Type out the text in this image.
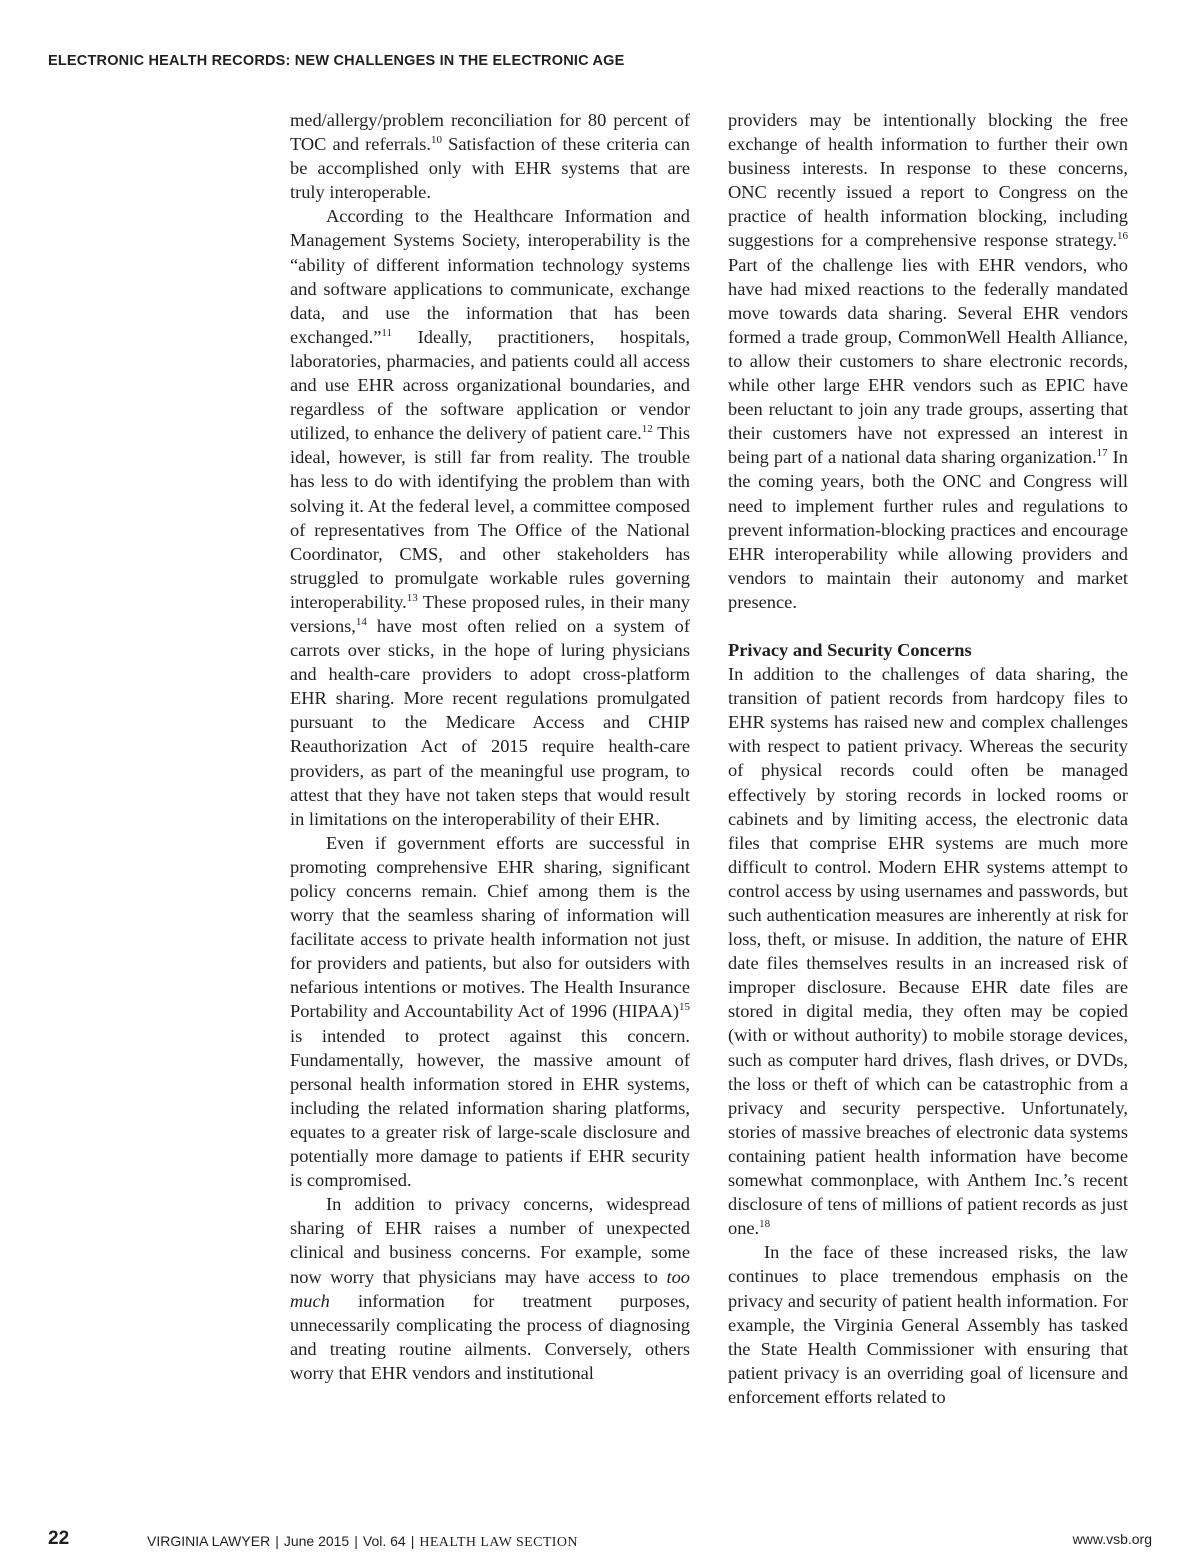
ELECTRONIC HEALTH RECORDS: NEW CHALLENGES IN THE ELECTRONIC AGE

med/allergy/problem reconciliation for 80 percent of TOC and referrals.$^{10}$ Satisfaction of these criteria can be accomplished only with EHR systems that are truly interoperable.

According to the Healthcare Information and Management Systems Society, interoperability is the “ability of different information technology systems and software applications to communicate, exchange data, and use the information that has been exchanged.”$^{11}$ Ideally, practitioners, hospitals, laboratories, pharmacies, and patients could all access and use EHR across organizational boundaries, and regardless of the software application or vendor utilized, to enhance the delivery of patient care.$^{12}$ This ideal, however, is still far from reality. The trouble has less to do with identifying the problem than with solving it. At the federal level, a committee composed of representatives from The Office of the National Coordinator, CMS, and other stakeholders has struggled to promulgate workable rules governing interoperability.$^{13}$ These proposed rules, in their many versions,$^{14}$ have most often relied on a system of carrots over sticks, in the hope of luring physicians and health-care providers to adopt cross-platform EHR sharing. More recent regulations promulgated pursuant to the Medicare Access and CHIP Reauthorization Act of 2015 require health-care providers, as part of the meaningful use program, to attest that they have not taken steps that would result in limitations on the interoperability of their EHR.

Even if government efforts are successful in promoting comprehensive EHR sharing, significant policy concerns remain. Chief among them is the worry that the seamless sharing of information will facilitate access to private health information not just for providers and patients, but also for outsiders with nefarious intentions or motives. The Health Insurance Portability and Accountability Act of 1996 (HIPAA)$^{15}$ is intended to protect against this concern. Fundamentally, however, the massive amount of personal health information stored in EHR systems, including the related information sharing platforms, equates to a greater risk of large-scale disclosure and potentially more damage to patients if EHR security is compromised.

In addition to privacy concerns, widespread sharing of EHR raises a number of unexpected clinical and business concerns. For example, some now worry that physicians may have access to too much information for treatment purposes, unnecessarily complicating the process of diagnosing and treating routine ailments. Conversely, others worry that EHR vendors and institutional

providers may be intentionally blocking the free exchange of health information to further their own business interests. In response to these concerns, ONC recently issued a report to Congress on the practice of health information blocking, including suggestions for a comprehensive response strategy.$^{16}$ Part of the challenge lies with EHR vendors, who have had mixed reactions to the federally mandated move towards data sharing. Several EHR vendors formed a trade group, CommonWell Health Alliance, to allow their customers to share electronic records, while other large EHR vendors such as EPIC have been reluctant to join any trade groups, asserting that their customers have not expressed an interest in being part of a national data sharing organization.$^{17}$ In the coming years, both the ONC and Congress will need to implement further rules and regulations to prevent information-blocking practices and encourage EHR interoperability while allowing providers and vendors to maintain their autonomy and market presence.

Privacy and Security Concerns

In addition to the challenges of data sharing, the transition of patient records from hardcopy files to EHR systems has raised new and complex challenges with respect to patient privacy. Whereas the security of physical records could often be managed effectively by storing records in locked rooms or cabinets and by limiting access, the electronic data files that comprise EHR systems are much more difficult to control. Modern EHR systems attempt to control access by using usernames and passwords, but such authentication measures are inherently at risk for loss, theft, or misuse. In addition, the nature of EHR date files themselves results in an increased risk of improper disclosure. Because EHR date files are stored in digital media, they often may be copied (with or without authority) to mobile storage devices, such as computer hard drives, flash drives, or DVDs, the loss or theft of which can be catastrophic from a privacy and security perspective. Unfortunately, stories of massive breaches of electronic data systems containing patient health information have become somewhat commonplace, with Anthem Inc.’s recent disclosure of tens of millions of patient records as just one.$^{18}$

In the face of these increased risks, the law continues to place tremendous emphasis on the privacy and security of patient health information. For example, the Virginia General Assembly has tasked the State Health Commissioner with ensuring that patient privacy is an overriding goal of licensure and enforcement efforts related to

22	VIRGINIA LAWYER | June 2015 | Vol. 64 | HEALTH LAW SECTION	www.vsb.org
